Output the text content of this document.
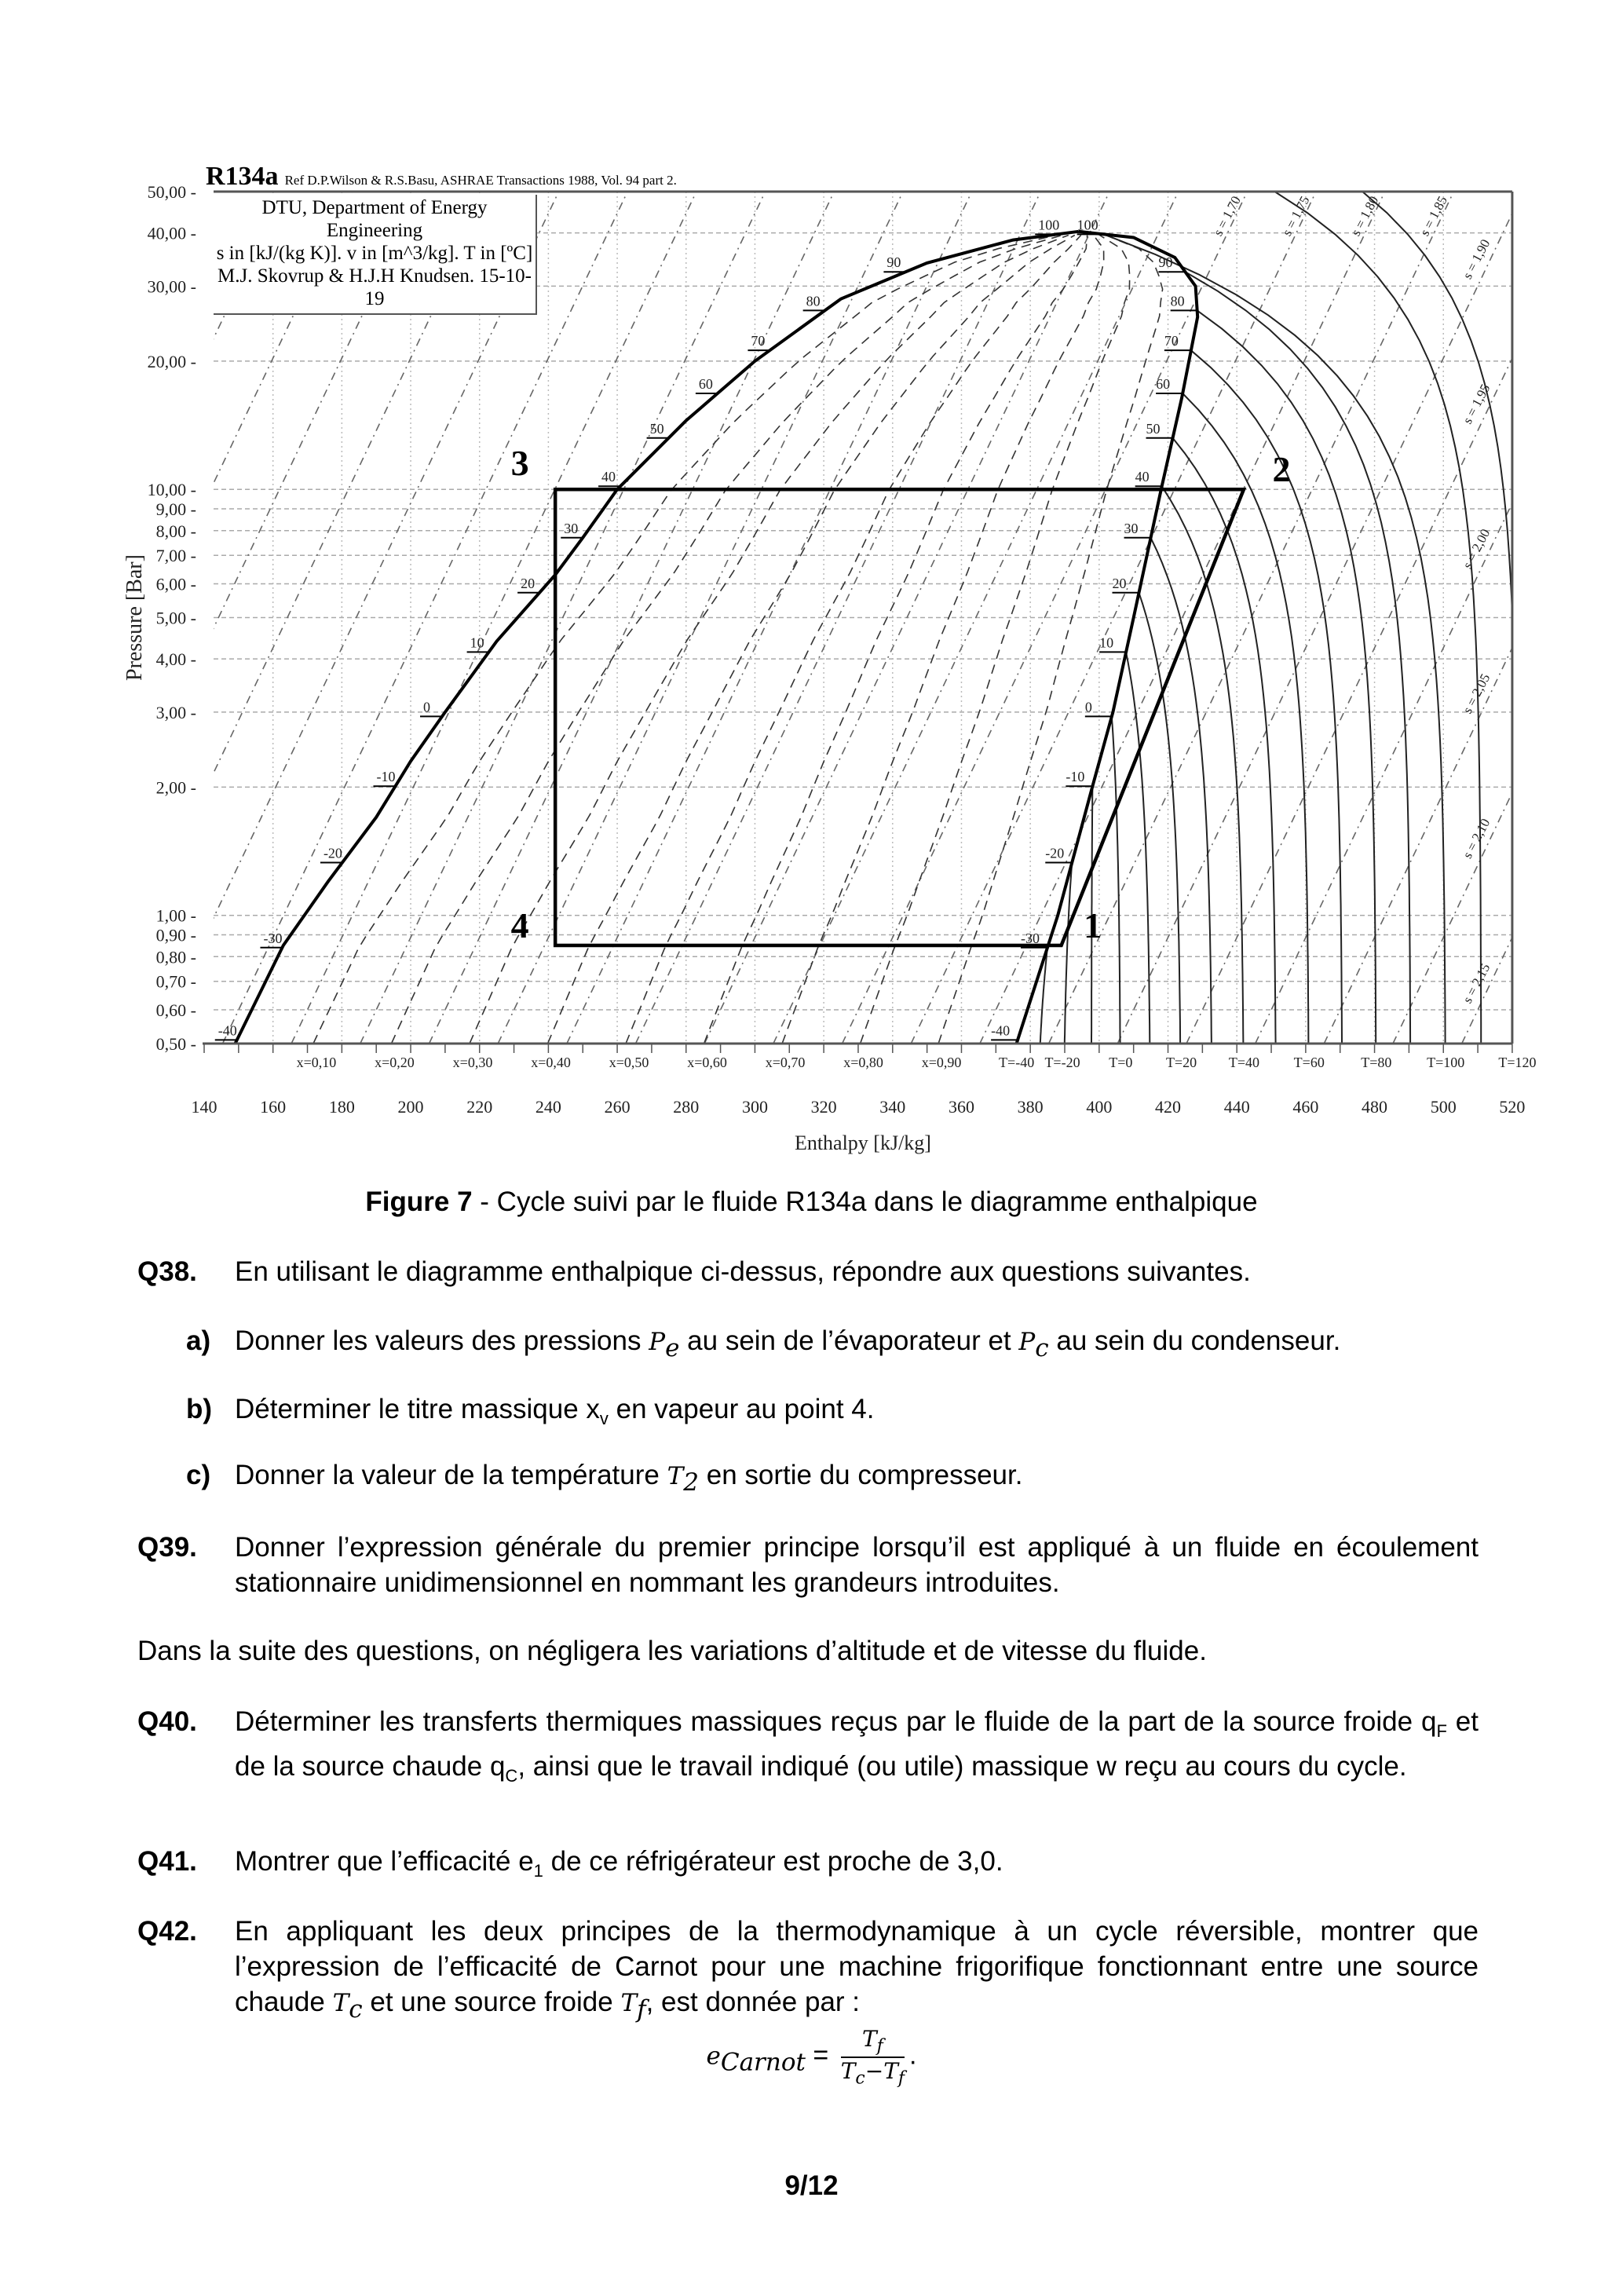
50,00 -
40,00 -
30,00 -
20,00 -
10,00 -
9,00 -
8,00 -
7,00 -
6,00 -
5,00 -
4,00 -
3,00 -
2,00 -
1,00 -
0,90 -
0,80 -
0,70 -
0,60 -
0,50 -
140 160 180 200 220 240 260 280 300 320 340 360 380 400 420 440 460 480 500 520
x=0,10	x=0,20	x=0,30	x=0,40	x=0,50	x=0,60	x=0,70	x=0,80	x=0,90	T=-40 T=-20 T=0 T=20 T=40 T=60	T=80 T=100 T=120
s = 1,70	s = 1,75	s = 1,80	s = 1,85
s = 1,90
s = 1,95
s = 2,00
s = 2,05
s = 2,10
s = 2,15
-40	-40
-30	-30
-20	-20
-10	-10
0	0
10	10
20	20
30	30
40	40
50	50
60	60
70	70
80	80
90	90
100 100
1
2
3
4
Enthalpy [kJ/kg]
Pressure [Bar]
R134a Ref D.P.Wilson & R.S.Basu, ASHRAE Transactions 1988, Vol. 94 part 2.
DTU, Department of Energy Engineering
s in [kJ/(kg K)]. v in [m^3/kg]. T in [ºC]
M.J. Skovrup & H.J.H Knudsen. 15-10-19
Figure 7 - Cycle suivi par le fluide R134a dans le diagramme enthalpique
Q38. En utilisant le diagramme enthalpique ci-dessus, répondre aux questions suivantes.
a) Donner les valeurs des pressions $P_e$ au sein de l’évaporateur et $P_c$ au sein du condenseur.
b) Déterminer le titre massique $x_v$ en vapeur au point 4.
c) Donner la valeur de la température $T_2$ en sortie du compresseur.
Q39. Donner l’expression générale du premier principe lorsqu’il est appliqué à un fluide en écoulement stationnaire unidimensionnel en nommant les grandeurs introduites.
Dans la suite des questions, on négligera les variations d’altitude et de vitesse du fluide.
Q40. Déterminer les transferts thermiques massiques reçus par le fluide de la part de la source froide $q_F$ et de la source chaude $q_C$, ainsi que le travail indiqué (ou utile) massique w reçu au cours du cycle.
Q41. Montrer que l’efficacité $e_1$ de ce réfrigérateur est proche de 3,0.
Q42. En appliquant les deux principes de la thermodynamique à un cycle réversible, montrer que l’expression de l’efficacité de Carnot pour une machine frigorifique fonctionnant entre une source chaude $T_c$ et une source froide $T_f$, est donnée par :
$e_{Carnot} = \frac{T_f}{T_c-T_f}$ .
9/12
